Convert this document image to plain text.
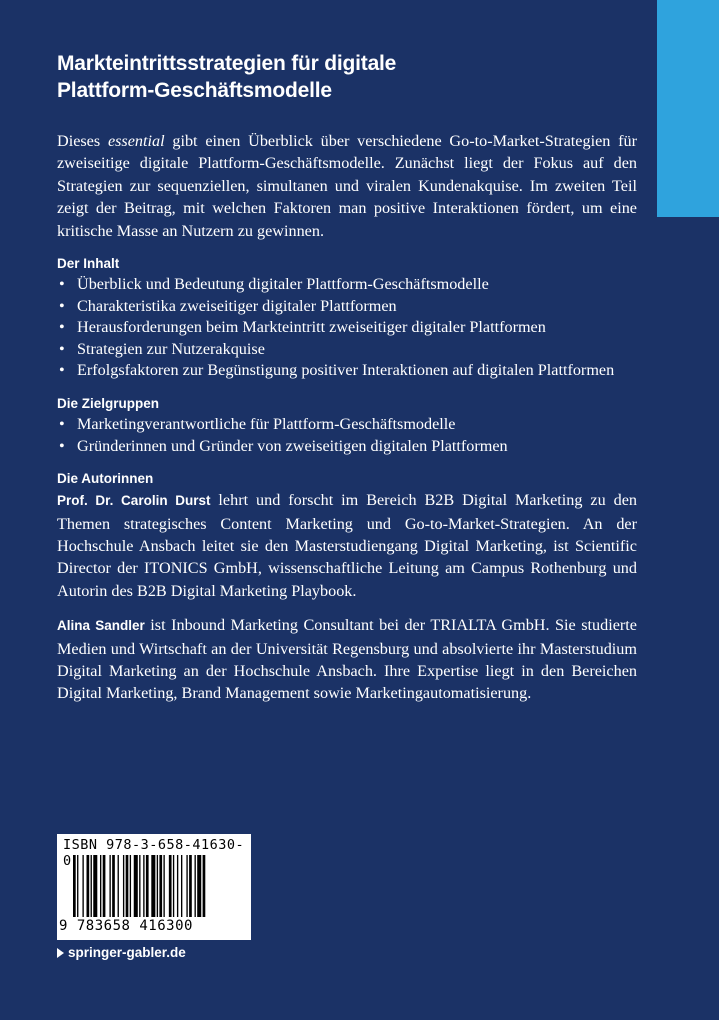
Markteintrittsstrategien für digitale
Plattform-Geschäftsmodelle

Dieses essential gibt einen Überblick über verschiedene Go-to-Market-Strategien für zweiseitige digitale Plattform-Geschäftsmodelle. Zunächst liegt der Fokus auf den Strategien zur sequenziellen, simultanen und viralen Kundenakquise. Im zweiten Teil zeigt der Beitrag, mit welchen Faktoren man positive Interaktionen fördert, um eine kritische Masse an Nutzern zu gewinnen.

Der Inhalt
• Überblick und Bedeutung digitaler Plattform-Geschäftsmodelle
• Charakteristika zweiseitiger digitaler Plattformen
• Herausforderungen beim Markteintritt zweiseitiger digitaler Plattformen
• Strategien zur Nutzerakquise
• Erfolgsfaktoren zur Begünstigung positiver Interaktionen auf digitalen Plattformen
Die Zielgruppen
• Marketingverantwortliche für Plattform-Geschäftsmodelle
• Gründerinnen und Gründer von zweiseitigen digitalen Plattformen
Die Autorinnen

Prof. Dr. Carolin Durst lehrt und forscht im Bereich B2B Digital Marketing zu den Themen strategisches Content Marketing und Go-to-Market-Strategien. An der Hochschule Ansbach leitet sie den Masterstudiengang Digital Marketing, ist Scientific Director der ITONICS GmbH, wissenschaftliche Leitung am Campus Rothenburg und Autorin des B2B Digital Marketing Playbook.

Alina Sandler ist Inbound Marketing Consultant bei der TRIALTA GmbH. Sie studierte Medien und Wirtschaft an der Universität Regensburg und absolvierte ihr Masterstudium Digital Marketing an der Hochschule Ansbach. Ihre Expertise liegt in den Bereichen Digital Marketing, Brand Management sowie Marketingautomatisierung.

ISBN 978-3-658-41630-0
9 783658 416300
springer-gabler.de
